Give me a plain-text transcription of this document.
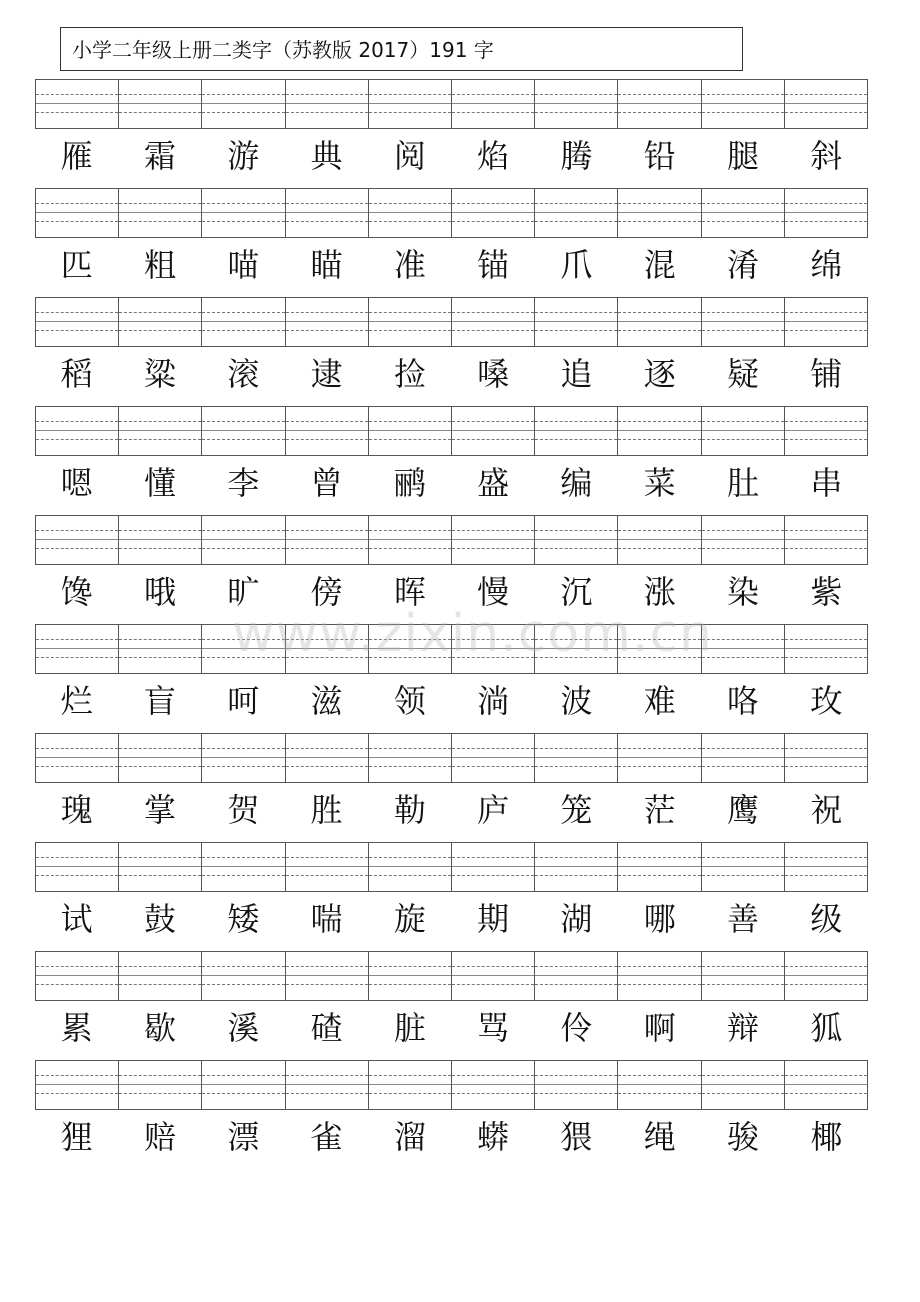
小学二年级上册二类字（苏教版 2017）191 字
雁	霜	游	典	阅	焰	腾	铅	腿	斜
匹	粗	喵	瞄	准	锚	爪	混	淆	绵
稻	粱	滚	逮	捡	嗓	追	逐	疑	铺
嗯	懂	李	曾	鹂	盛	编	菜	肚	串
馋	哦	旷	傍	晖	慢	沉	涨	染	紫
烂	盲	呵	滋	领	淌	波	难	咯	玫
瑰	掌	贺	胜	勒	庐	笼	茫	鹰	祝
试	鼓	矮	喘	旋	期	湖	哪	善	级
累	歇	溪	碴	脏	骂	伶	啊	辩	狐
狸	赔	漂	雀	溜	蟒	猥	绳	骏	椰
www.zixin.com.cn
